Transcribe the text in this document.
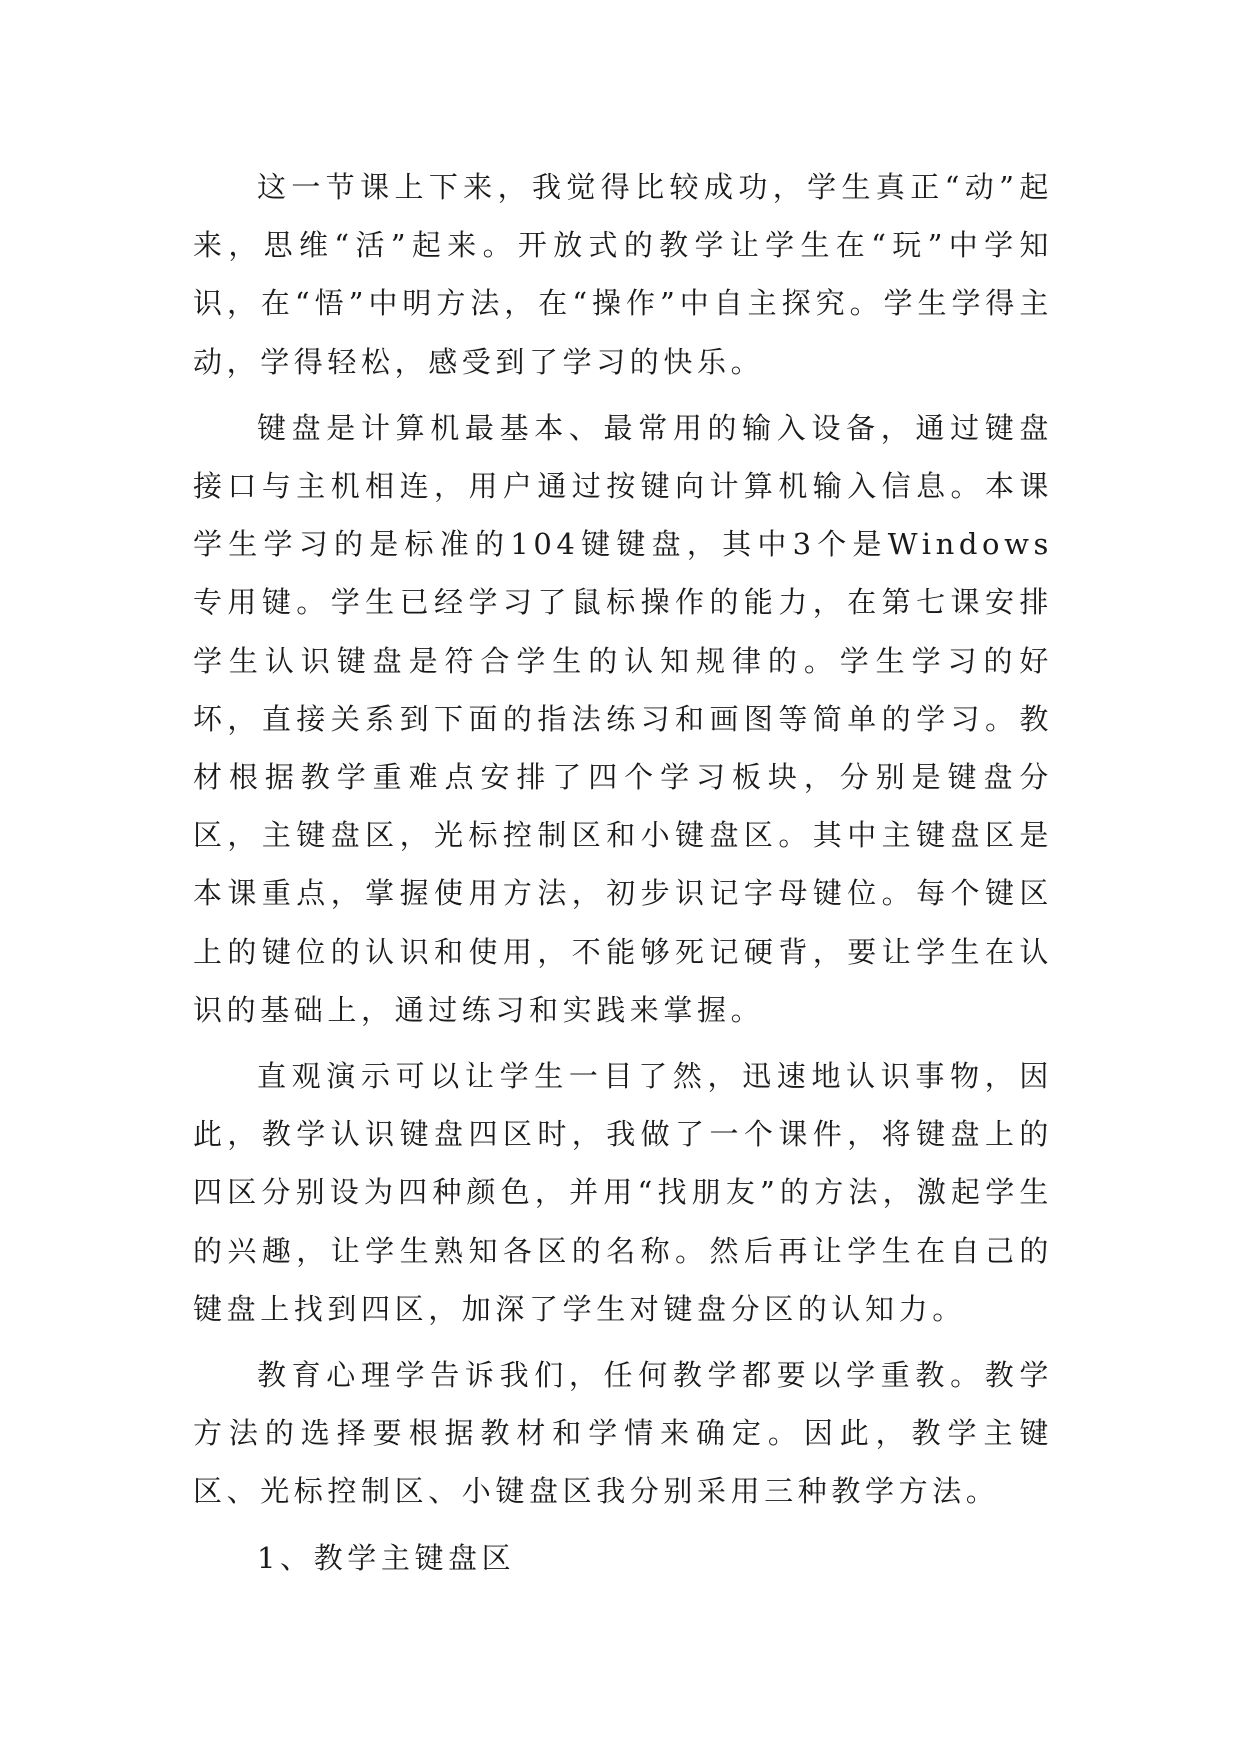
这一节课上下来，我觉得比较成功，学生真正“动”起来，思维“活”起来。开放式的教学让学生在“玩”中学知识，在“悟”中明方法，在“操作”中自主探究。学生学得主动，学得轻松，感受到了学习的快乐。

键盘是计算机最基本、最常用的输入设备，通过键盘接口与主机相连，用户通过按键向计算机输入信息。本课学生学习的是标准的104键键盘，其中3个是Windows专用键。学生已经学习了鼠标操作的能力，在第七课安排学生认识键盘是符合学生的认知规律的。学生学习的好坏，直接关系到下面的指法练习和画图等简单的学习。教材根据教学重难点安排了四个学习板块，分别是键盘分区，主键盘区，光标控制区和小键盘区。其中主键盘区是本课重点，掌握使用方法，初步识记字母键位。每个键区上的键位的认识和使用，不能够死记硬背，要让学生在认识的基础上，通过练习和实践来掌握。

直观演示可以让学生一目了然，迅速地认识事物，因此，教学认识键盘四区时，我做了一个课件，将键盘上的四区分别设为四种颜色，并用“找朋友”的方法，激起学生的兴趣，让学生熟知各区的名称。然后再让学生在自己的键盘上找到四区，加深了学生对键盘分区的认知力。

教育心理学告诉我们，任何教学都要以学重教。教学方法的选择要根据教材和学情来确定。因此，教学主键区、光标控制区、小键盘区我分别采用三种教学方法。

1、教学主键盘区
